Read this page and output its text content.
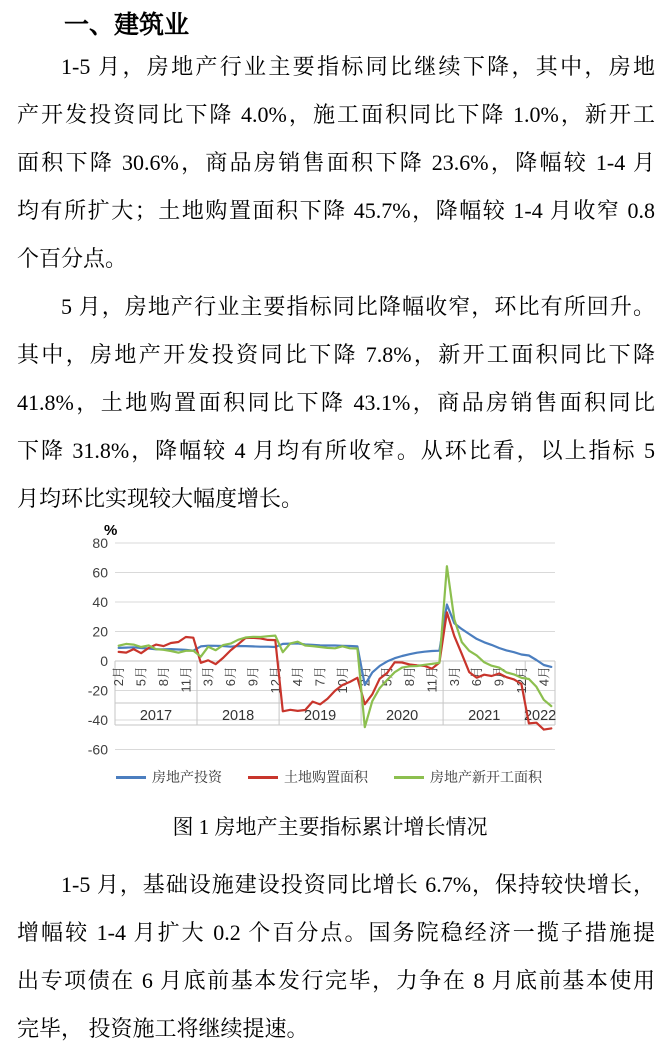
一、建筑业
1-5 月，房地产行业主要指标同比继续下降，其中，房地
产开发投资同比下降 4.0%，施工面积同比下降 1.0%，新开工
面积下降 30.6%，商品房销售面积下降 23.6%，降幅较 1-4 月
均有所扩大；土地购置面积下降 45.7%，降幅较 1-4 月收窄 0.8
个百分点。
5 月，房地产行业主要指标同比降幅收窄，环比有所回升。
其中，房地产开发投资同比下降 7.8%，新开工面积同比下降
41.8%，土地购置面积同比下降 43.1%，商品房销售面积同比
下降 31.8%，降幅较 4 月均有所收窄。从环比看，以上指标 5
月均环比实现较大幅度增长。
80
60
40
20
0
-20
-40
-60
%
2月 5月 8月 11月 3月 6月 9月 12月 4月 7月 10月 2月 5月 8月 11月 3月 6月 9月 12月 4月
2017	2018	2019	2020	2021 2022
房地产投资	土地购置面积	房地产新开工面积
图 1 房地产主要指标累计增长情况
1-5 月，基础设施建设投资同比增长 6.7%，保持较快增长，
增幅较 1-4 月扩大 0.2 个百分点。国务院稳经济一揽子措施提
出专项债在 6 月底前基本发行完毕，力争在 8 月底前基本使用
完毕， 投资施工将继续提速。
